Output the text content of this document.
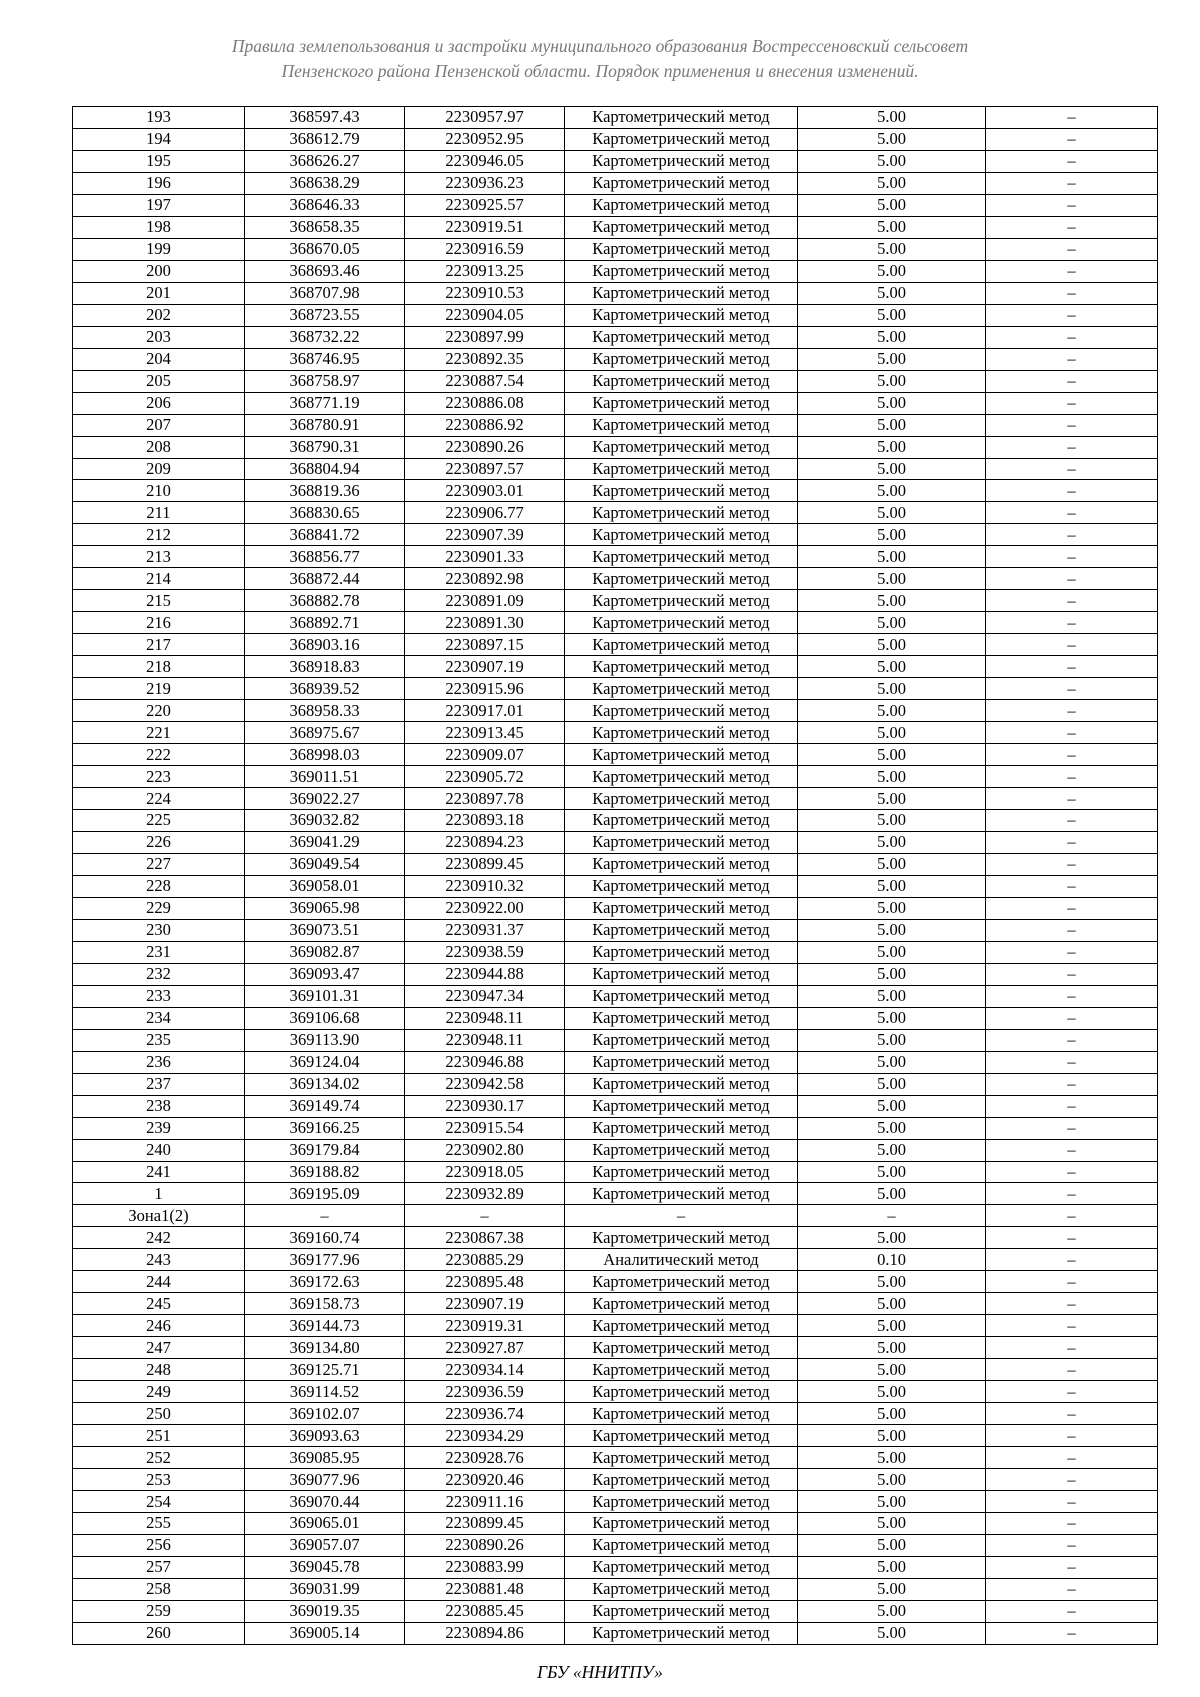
Правила землепользования и застройки муниципального образования Вострессеновский сельсовет
Пензенского района Пензенской области. Порядок применения и внесения изменений.
193	368597.43	2230957.97	Картометрический метод	5.00	–
194	368612.79	2230952.95	Картометрический метод	5.00	–
195	368626.27	2230946.05	Картометрический метод	5.00	–
196	368638.29	2230936.23	Картометрический метод	5.00	–
197	368646.33	2230925.57	Картометрический метод	5.00	–
198	368658.35	2230919.51	Картометрический метод	5.00	–
199	368670.05	2230916.59	Картометрический метод	5.00	–
200	368693.46	2230913.25	Картометрический метод	5.00	–
201	368707.98	2230910.53	Картометрический метод	5.00	–
202	368723.55	2230904.05	Картометрический метод	5.00	–
203	368732.22	2230897.99	Картометрический метод	5.00	–
204	368746.95	2230892.35	Картометрический метод	5.00	–
205	368758.97	2230887.54	Картометрический метод	5.00	–
206	368771.19	2230886.08	Картометрический метод	5.00	–
207	368780.91	2230886.92	Картометрический метод	5.00	–
208	368790.31	2230890.26	Картометрический метод	5.00	–
209	368804.94	2230897.57	Картометрический метод	5.00	–
210	368819.36	2230903.01	Картометрический метод	5.00	–
211	368830.65	2230906.77	Картометрический метод	5.00	–
212	368841.72	2230907.39	Картометрический метод	5.00	–
213	368856.77	2230901.33	Картометрический метод	5.00	–
214	368872.44	2230892.98	Картометрический метод	5.00	–
215	368882.78	2230891.09	Картометрический метод	5.00	–
216	368892.71	2230891.30	Картометрический метод	5.00	–
217	368903.16	2230897.15	Картометрический метод	5.00	–
218	368918.83	2230907.19	Картометрический метод	5.00	–
219	368939.52	2230915.96	Картометрический метод	5.00	–
220	368958.33	2230917.01	Картометрический метод	5.00	–
221	368975.67	2230913.45	Картометрический метод	5.00	–
222	368998.03	2230909.07	Картометрический метод	5.00	–
223	369011.51	2230905.72	Картометрический метод	5.00	–
224	369022.27	2230897.78	Картометрический метод	5.00	–
225	369032.82	2230893.18	Картометрический метод	5.00	–
226	369041.29	2230894.23	Картометрический метод	5.00	–
227	369049.54	2230899.45	Картометрический метод	5.00	–
228	369058.01	2230910.32	Картометрический метод	5.00	–
229	369065.98	2230922.00	Картометрический метод	5.00	–
230	369073.51	2230931.37	Картометрический метод	5.00	–
231	369082.87	2230938.59	Картометрический метод	5.00	–
232	369093.47	2230944.88	Картометрический метод	5.00	–
233	369101.31	2230947.34	Картометрический метод	5.00	–
234	369106.68	2230948.11	Картометрический метод	5.00	–
235	369113.90	2230948.11	Картометрический метод	5.00	–
236	369124.04	2230946.88	Картометрический метод	5.00	–
237	369134.02	2230942.58	Картометрический метод	5.00	–
238	369149.74	2230930.17	Картометрический метод	5.00	–
239	369166.25	2230915.54	Картометрический метод	5.00	–
240	369179.84	2230902.80	Картометрический метод	5.00	–
241	369188.82	2230918.05	Картометрический метод	5.00	–
1	369195.09	2230932.89	Картометрический метод	5.00	–
Зона1(2)	–	–	–	–	–
242	369160.74	2230867.38	Картометрический метод	5.00	–
243	369177.96	2230885.29	Аналитический метод	0.10	–
244	369172.63	2230895.48	Картометрический метод	5.00	–
245	369158.73	2230907.19	Картометрический метод	5.00	–
246	369144.73	2230919.31	Картометрический метод	5.00	–
247	369134.80	2230927.87	Картометрический метод	5.00	–
248	369125.71	2230934.14	Картометрический метод	5.00	–
249	369114.52	2230936.59	Картометрический метод	5.00	–
250	369102.07	2230936.74	Картометрический метод	5.00	–
251	369093.63	2230934.29	Картометрический метод	5.00	–
252	369085.95	2230928.76	Картометрический метод	5.00	–
253	369077.96	2230920.46	Картометрический метод	5.00	–
254	369070.44	2230911.16	Картометрический метод	5.00	–
255	369065.01	2230899.45	Картометрический метод	5.00	–
256	369057.07	2230890.26	Картометрический метод	5.00	–
257	369045.78	2230883.99	Картометрический метод	5.00	–
258	369031.99	2230881.48	Картометрический метод	5.00	–
259	369019.35	2230885.45	Картометрический метод	5.00	–
260	369005.14	2230894.86	Картометрический метод	5.00	–
ГБУ «ННИТПУ»
